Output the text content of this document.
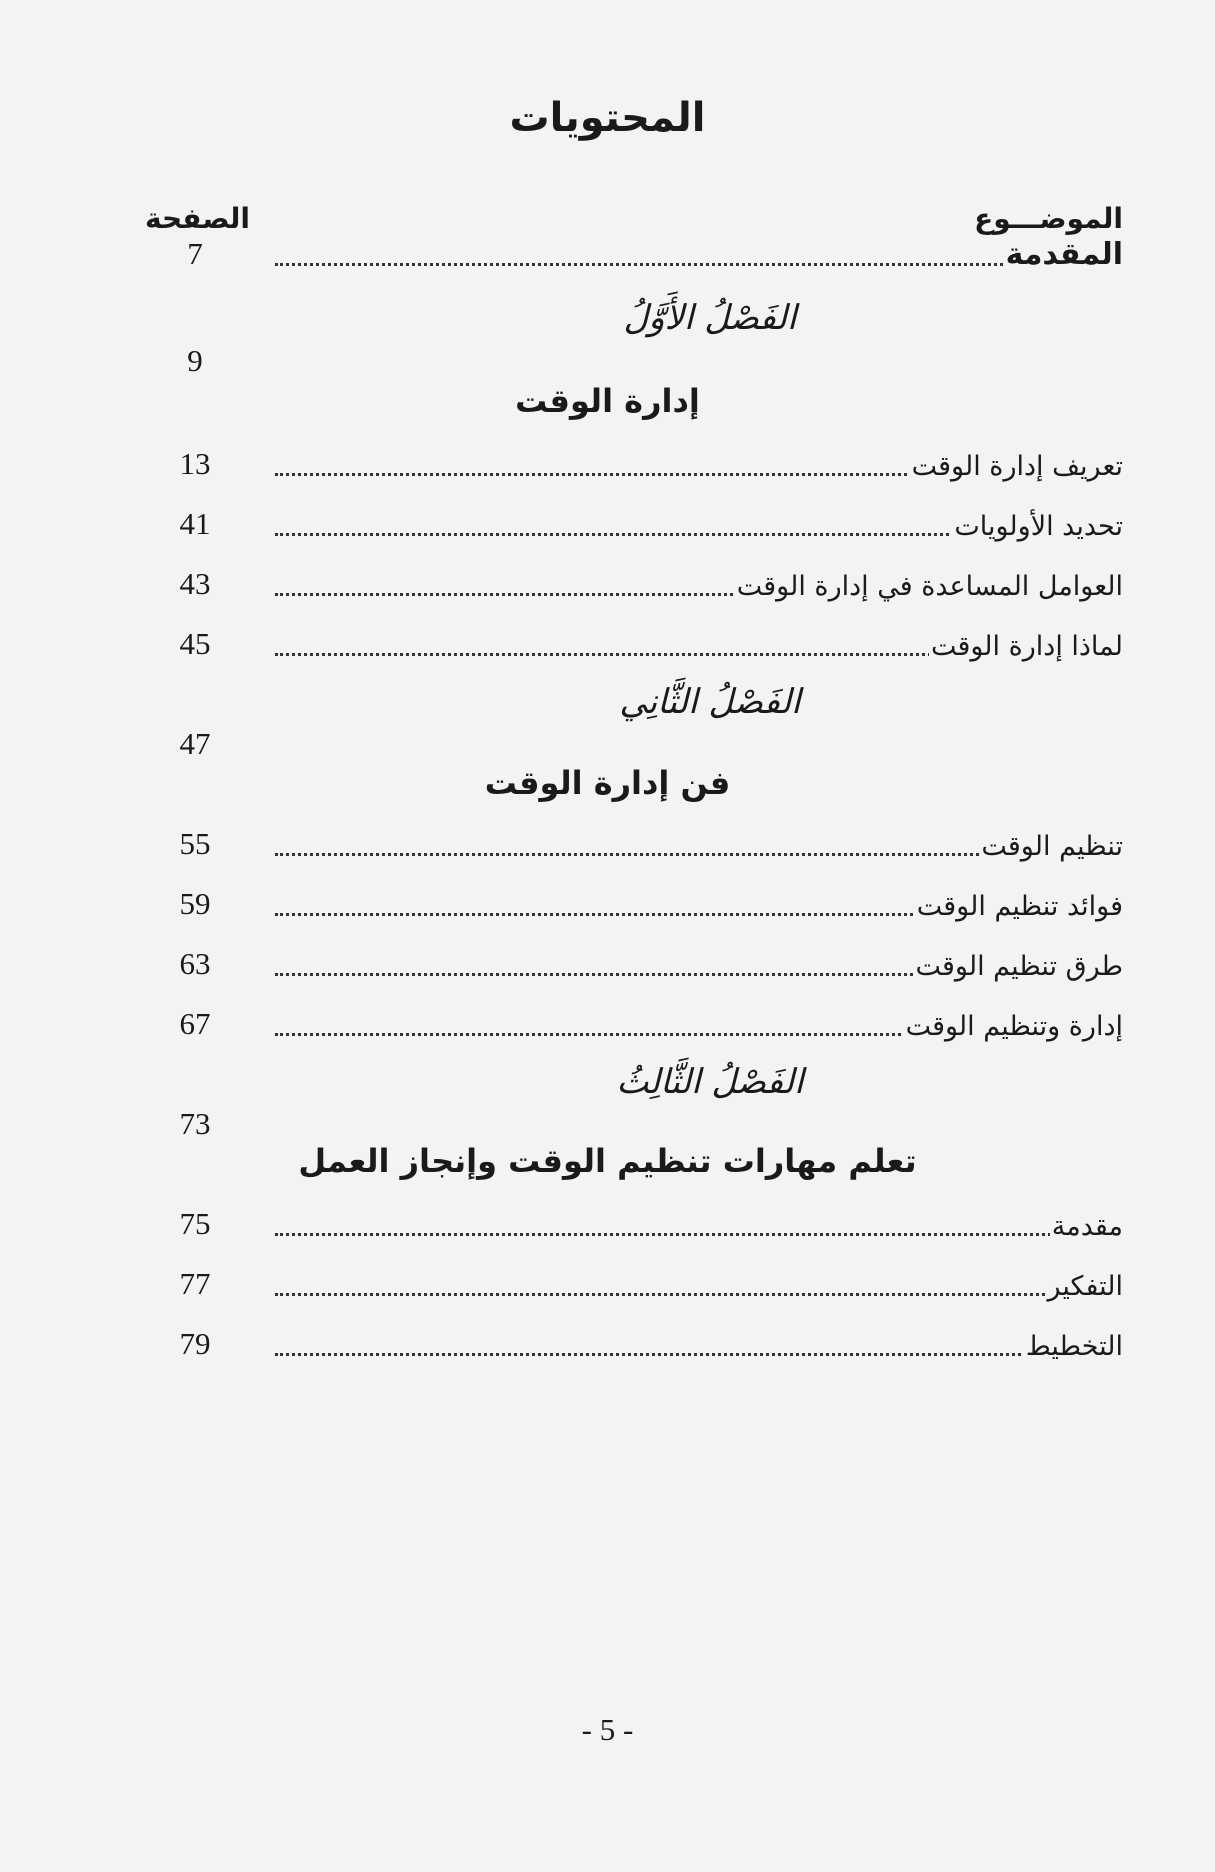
المحتويات
الموضـــوع
الصفحة
المقدمة
7
الفَصْلُ الأَوَّلُ
9
إدارة الوقت
تعريف إدارة الوقت
13
تحديد الأولويات
41
العوامل المساعدة في إدارة الوقت
43
لماذا إدارة الوقت
45
الفَصْلُ الثَّانِي
47
فن إدارة الوقت
تنظيم الوقت
55
فوائد تنظيم الوقت
59
طرق تنظيم الوقت
63
إدارة وتنظيم الوقت
67
الفَصْلُ الثَّالِثُ
73
تعلم مهارات تنظيم الوقت وإنجاز العمل
مقدمة
75
التفكير
77
التخطيط
79
- 5 -
